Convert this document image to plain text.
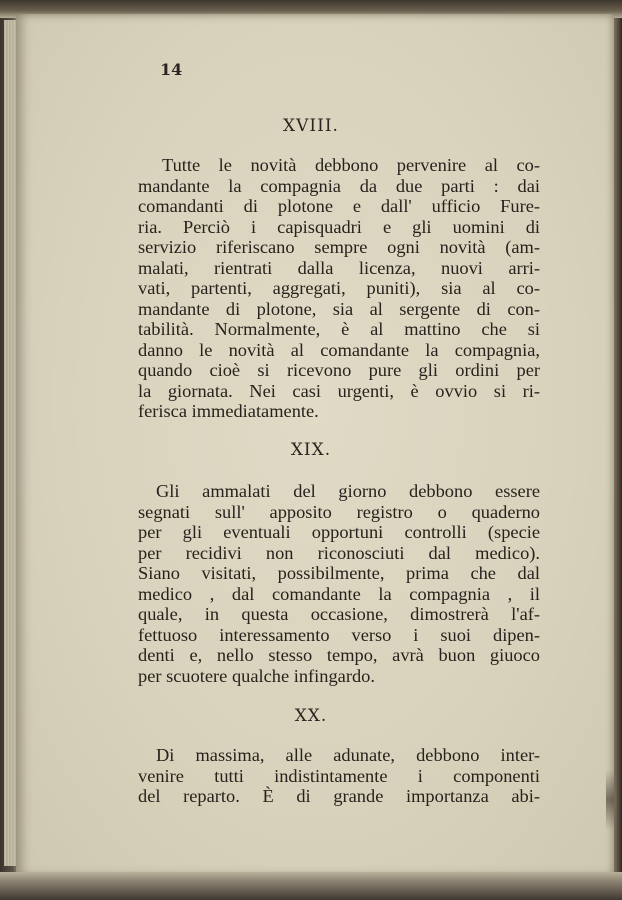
14
XVIII.
Tutte le novità debbono pervenire al co-
mandante la compagnia da due parti : dai
comandanti di plotone e dall' ufficio Fure-
ria. Perciò i capisquadri e gli uomini di
servizio riferiscano sempre ogni novità (am-
malati, rientrati dalla licenza, nuovi arri-
vati, partenti, aggregati, puniti), sia al co-
mandante di plotone, sia al sergente di con-
tabilità. Normalmente, è al mattino che si
danno le novità al comandante la compagnia,
quando cioè si ricevono pure gli ordini per
la giornata. Nei casi urgenti, è ovvio si ri-
ferisca immediatamente.
XIX.
Gli ammalati del giorno debbono essere
segnati sull' apposito registro o quaderno
per gli eventuali opportuni controlli (specie
per recidivi non riconosciuti dal medico).
Siano visitati, possibilmente, prima che dal
medico , dal comandante la compagnia , il
quale, in questa occasione, dimostrerà l'af-
fettuoso interessamento verso i suoi dipen-
denti e, nello stesso tempo, avrà buon giuoco
per scuotere qualche infingardo.
XX.
Di massima, alle adunate, debbono inter-
venire tutti indistintamente i componenti
del reparto. È di grande importanza abi-
